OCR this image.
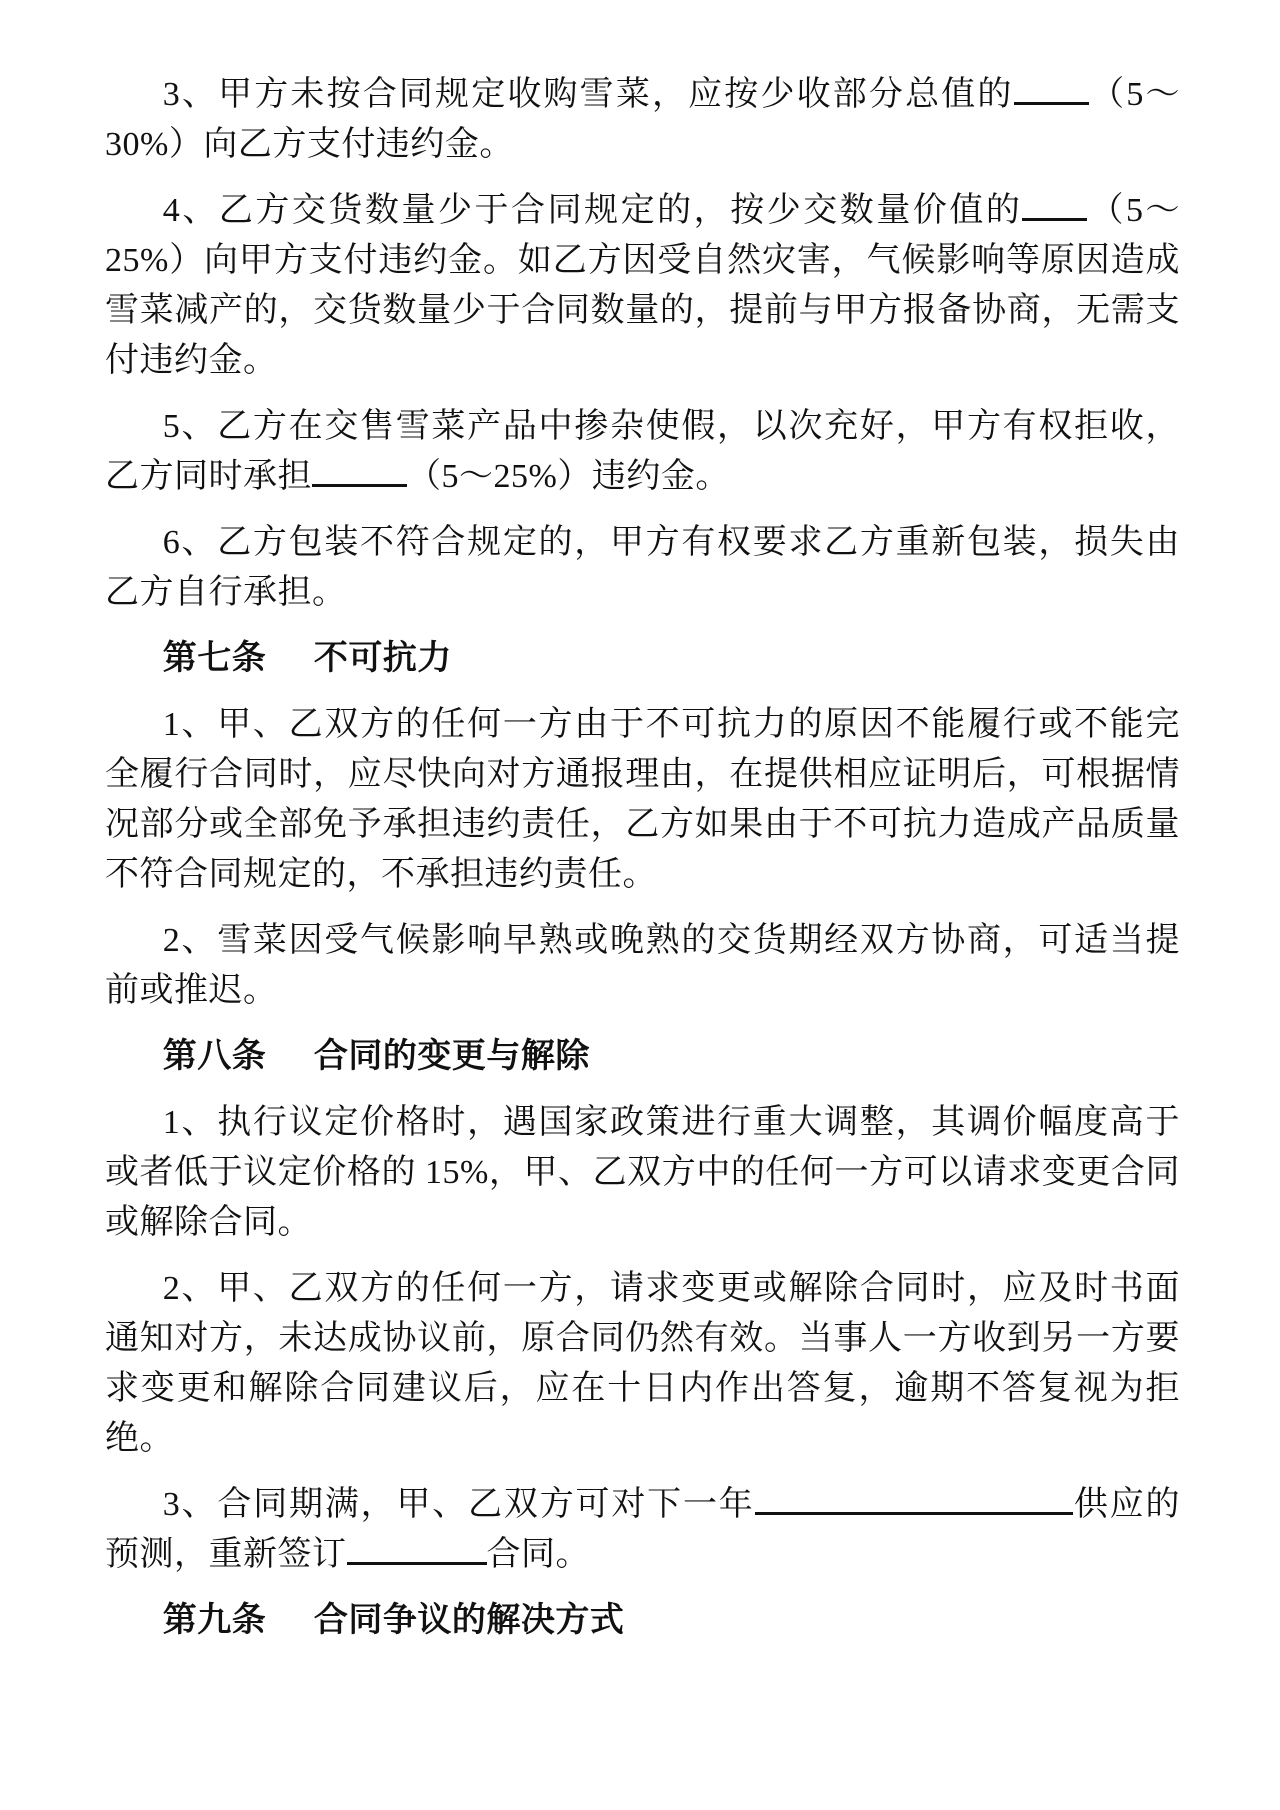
3、甲方未按合同规定收购雪菜，应按少收部分总值的 （5～30%）向乙方支付违约金。

4、乙方交货数量少于合同规定的，按少交数量价值的 （5～25%）向甲方支付违约金。如乙方因受自然灾害，气候影响等原因造成雪菜减产的，交货数量少于合同数量的，提前与甲方报备协商，无需支付违约金。

5、乙方在交售雪菜产品中掺杂使假，以次充好，甲方有权拒收，乙方同时承担	（5～25%）违约金。

6、乙方包装不符合规定的，甲方有权要求乙方重新包装，损失由乙方自行承担。

第七条 不可抗力

1、甲、乙双方的任何一方由于不可抗力的原因不能履行或不能完全履行合同时，应尽快向对方通报理由，在提供相应证明后，可根据情况部分或全部免予承担违约责任，乙方如果由于不可抗力造成产品质量不符合同规定的，不承担违约责任。

2、雪菜因受气候影响早熟或晚熟的交货期经双方协商，可适当提前或推迟。

第八条 合同的变更与解除

1、执行议定价格时，遇国家政策进行重大调整，其调价幅度高于或者低于议定价格的 15%，甲、乙双方中的任何一方可以请求变更合同或解除合同。

2、甲、乙双方的任何一方，请求变更或解除合同时，应及时书面通知对方，未达成协议前，原合同仍然有效。当事人一方收到另一方要求变更和解除合同建议后，应在十日内作出答复，逾期不答复视为拒绝。

3、合同期满，甲、乙双方可对下一年	供应的预测，重新签订	合同。

第九条 合同争议的解决方式
